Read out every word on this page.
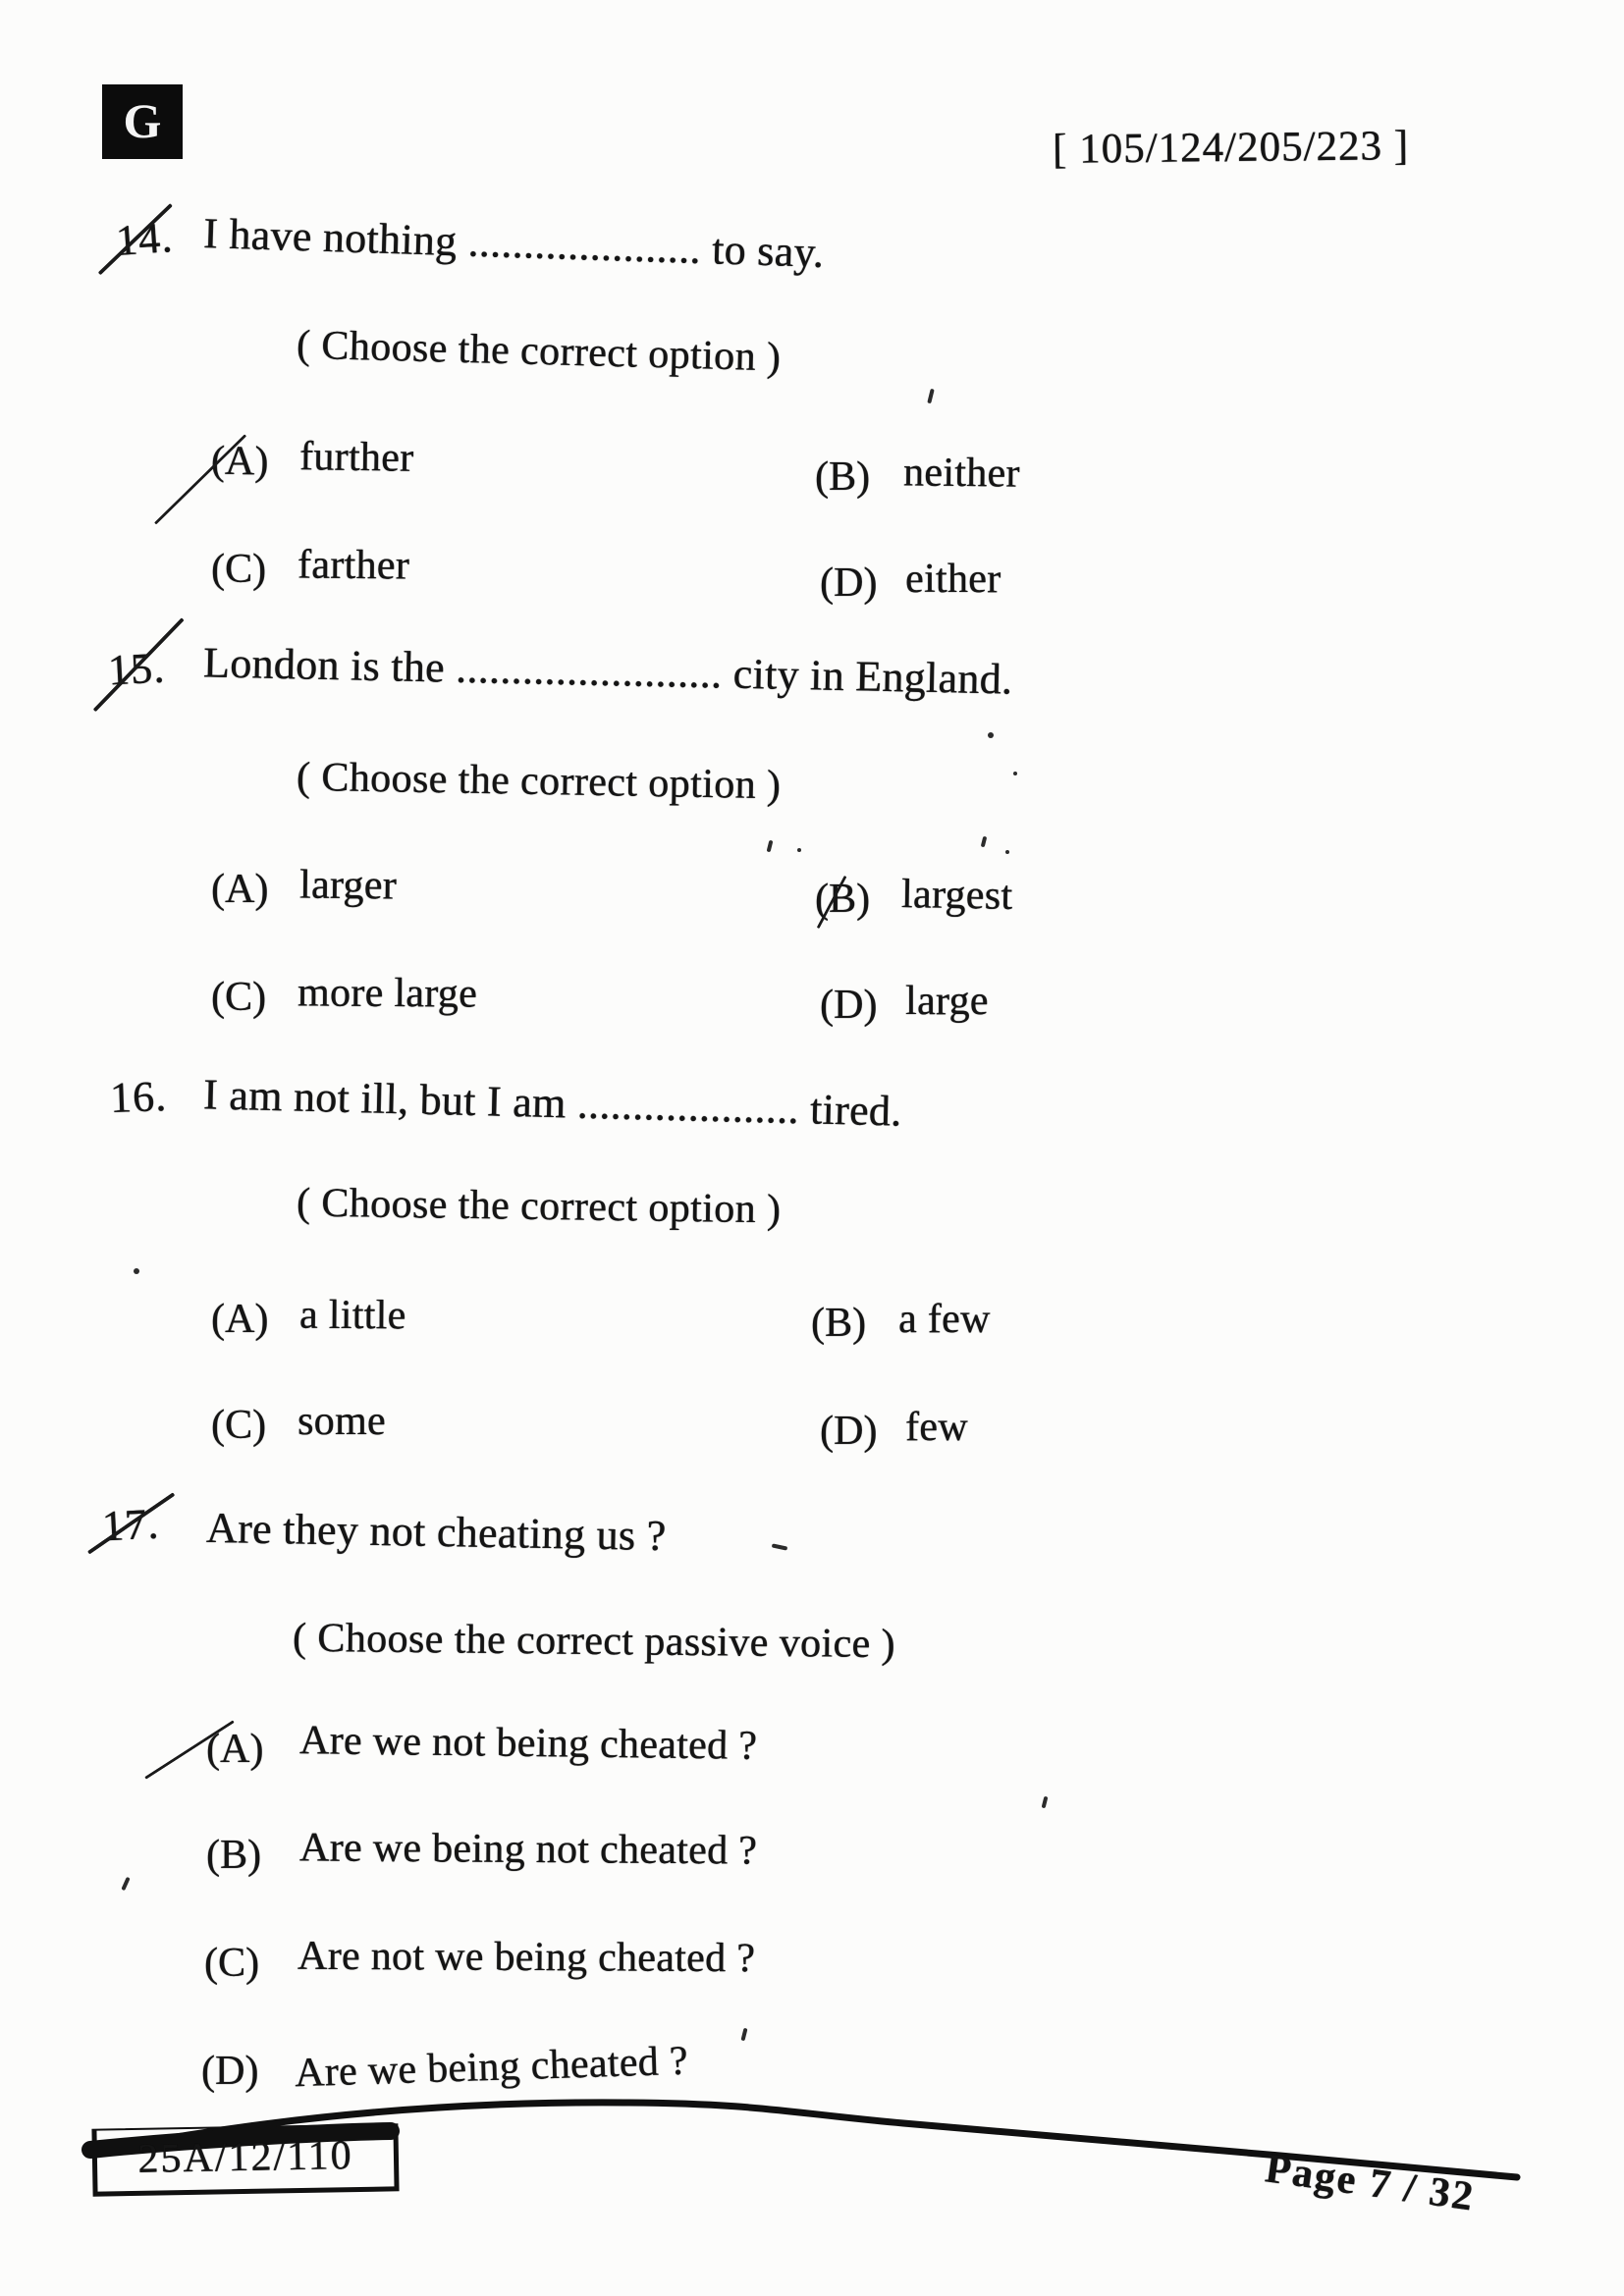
G	[ 105/124/205/223 ]
14. I have nothing ..................... to say.
( Choose the correct option )
(A) further	(B) neither
(C) farther	(D) either
15. London is the ........................ city in England.
( Choose the correct option )
(A) larger	(B) largest
(C) more large	(D) large
16. I am not ill, but I am .................... tired.
( Choose the correct option )
(A) a little	(B) a few
(C) some	(D) few
17. Are they not cheating us ?
( Choose the correct passive voice )
(A) Are we not being cheated ?
(B) Are we being not cheated ?
(C) Are not we being cheated ?
(D) Are we being cheated ?
25A/12/110	Page 7 / 32
